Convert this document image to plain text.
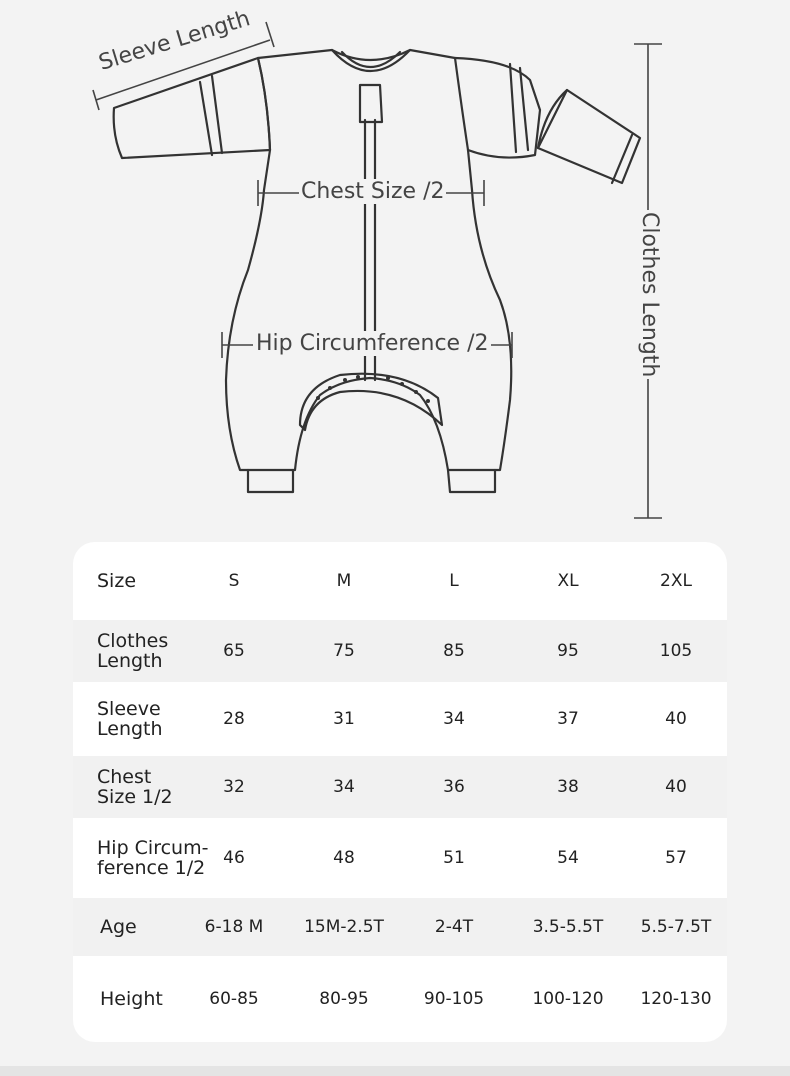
Sleeve Length
Chest Size /2
Hip Circumference /2	Clothes Length
Size	S	M	L	XL	2XL
Clothes
Length	65	75	85	95	105
Sleeve
Length	28	31	34	37	40
Chest
Size 1/2	32	34	36	38	40
Hip Circum-
ference 1/2	46	48	51	54	57
Age	6-18 M	15M-2.5T	2-4T	3.5-5.5T	5.5-7.5T
Height	60-85	80-95	90-105	100-120	120-130
